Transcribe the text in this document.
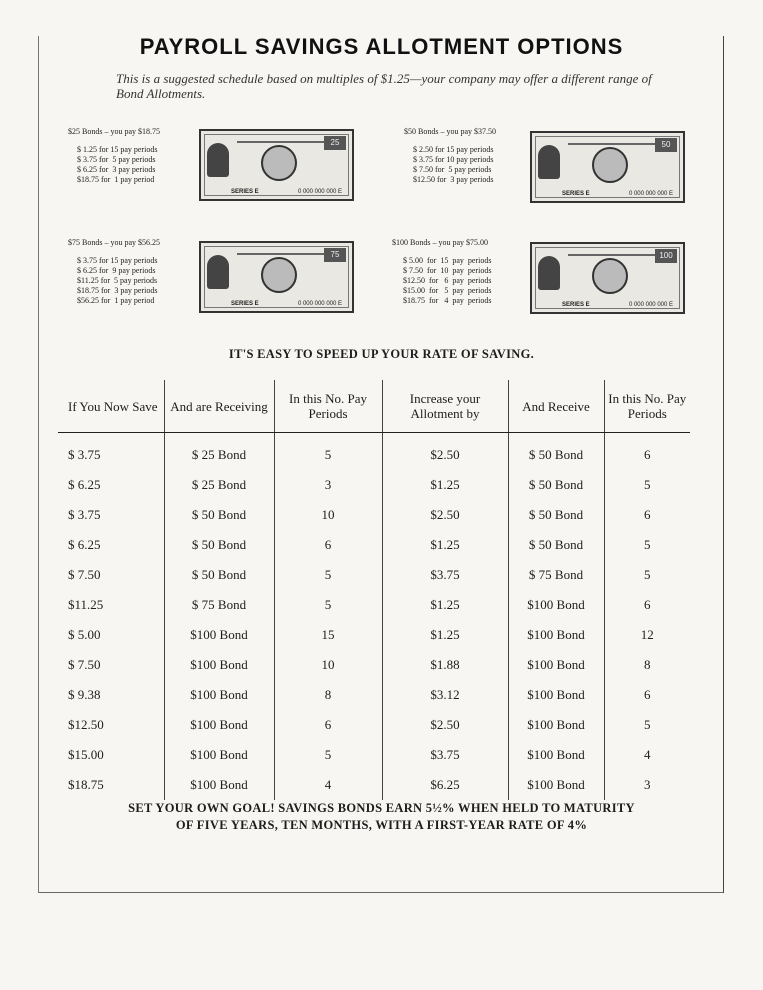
PAYROLL SAVINGS ALLOTMENT OPTIONS
This is a suggested schedule based on multiples of $1.25—your company may offer a different range of Bond Allotments.
$25 Bonds – you pay $18.75
$ 1.25 for 15 pay periods
$ 3.75 for  5 pay periods
$ 6.25 for  3 pay periods
$18.75 for  1 pay period
25
SERIES E	0 000 000 000 E
$50 Bonds – you pay $37.50
$ 2.50 for 15 pay periods
$ 3.75 for 10 pay periods
$ 7.50 for  5 pay periods
$12.50 for  3 pay periods
50
SERIES E	0 000 000 000 E
$75 Bonds – you pay $56.25
$ 3.75 for 15 pay periods
$ 6.25 for  9 pay periods
$11.25 for  5 pay periods
$18.75 for  3 pay periods
$56.25 for  1 pay period
75
SERIES E	0 000 000 000 E
$100 Bonds – you pay $75.00
$ 5.00  for  15  pay  periods
$ 7.50  for  10  pay  periods
$12.50  for   6  pay  periods
$15.00  for   5  pay  periods
$18.75  for   4  pay  periods
100
SERIES E	0 000 000 000 E
IT'S EASY TO SPEED UP YOUR RATE OF SAVING.
If You Now Save	And are Receiving	In this No. Pay Periods	Increase your Allotment by	And Receive	In this No. Pay Periods
$ 3.75	$ 25 Bond	5	$2.50	$ 50 Bond	6
$ 6.25	$ 25 Bond	3	$1.25	$ 50 Bond	5
$ 3.75	$ 50 Bond	10	$2.50	$ 50 Bond	6
$ 6.25	$ 50 Bond	6	$1.25	$ 50 Bond	5
$ 7.50	$ 50 Bond	5	$3.75	$ 75 Bond	5
$11.25	$ 75 Bond	5	$1.25	$100 Bond	6
$ 5.00	$100 Bond	15	$1.25	$100 Bond	12
$ 7.50	$100 Bond	10	$1.88	$100 Bond	8
$ 9.38	$100 Bond	8	$3.12	$100 Bond	6
$12.50	$100 Bond	6	$2.50	$100 Bond	5
$15.00	$100 Bond	5	$3.75	$100 Bond	4
$18.75	$100 Bond	4	$6.25	$100 Bond	3
SET YOUR OWN GOAL! SAVINGS BONDS EARN 5½% WHEN HELD TO MATURITY
OF FIVE YEARS, TEN MONTHS, WITH A FIRST-YEAR RATE OF 4%
